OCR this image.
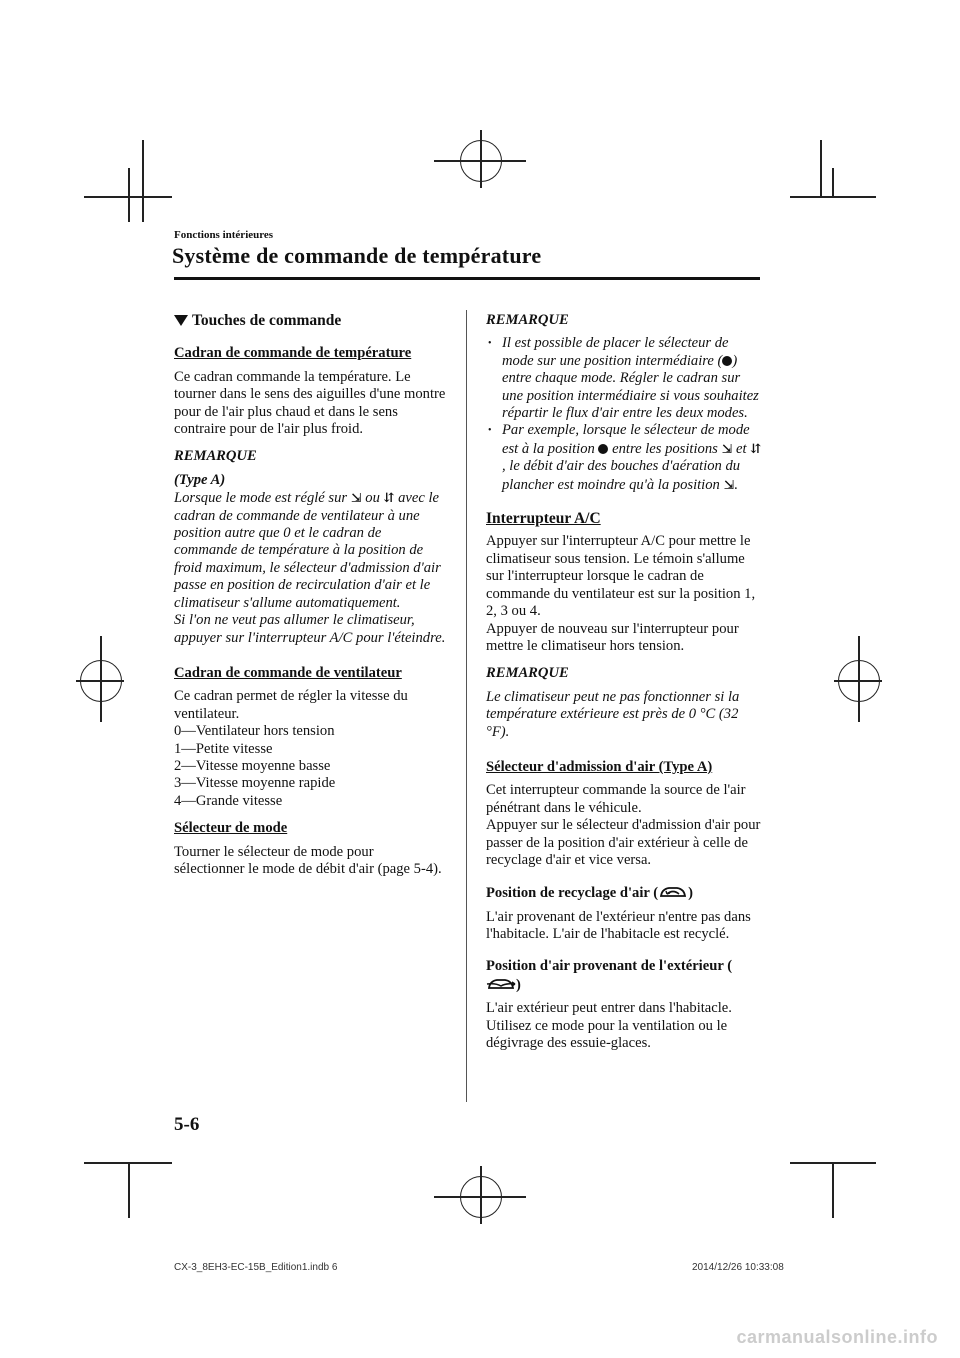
Fonctions intérieures
Système de commande de température
Touches de commande
Cadran de commande de température
Ce cadran commande la température. Le tourner dans le sens des aiguilles d'une montre pour de l'air plus chaud et dans le sens contraire pour de l'air plus froid.
REMARQUE
(Type A)
Lorsque le mode est réglé sur ⇲ ou ⇵ avec le cadran de commande de ventilateur à une position autre que 0 et le cadran de commande de température à la position de froid maximum, le sélecteur d'admission d'air passe en position de recirculation d'air et le climatiseur s'allume automatiquement.
Si l'on ne veut pas allumer le climatiseur, appuyer sur l'interrupteur A/C pour l'éteindre.
Cadran de commande de ventilateur
Ce cadran permet de régler la vitesse du ventilateur.
0—Ventilateur hors tension
1—Petite vitesse
2—Vitesse moyenne basse
3—Vitesse moyenne rapide
4—Grande vitesse
Sélecteur de mode
Tourner le sélecteur de mode pour sélectionner le mode de débit d'air (page 5-4).
REMARQUE
• Il est possible de placer le sélecteur de mode sur une position intermédiaire ( ) entre chaque mode. Régler le cadran sur une position intermédiaire si vous souhaitez répartir le flux d'air entre les deux modes.
• Par exemple, lorsque le sélecteur de mode est à la position  entre les positions ⇲ et ⇵, le débit d'air des bouches d'aération du plancher est moindre qu'à la position ⇲.
Interrupteur A/C
Appuyer sur l'interrupteur A/C pour mettre le climatiseur sous tension. Le témoin s'allume sur l'interrupteur lorsque le cadran de commande du ventilateur est sur la position 1, 2, 3 ou 4.
Appuyer de nouveau sur l'interrupteur pour mettre le climatiseur hors tension.
REMARQUE
Le climatiseur peut ne pas fonctionner si la température extérieure est près de 0 °C (32 °F).
Sélecteur d'admission d'air (Type A)
Cet interrupteur commande la source de l'air pénétrant dans le véhicule.
Appuyer sur le sélecteur d'admission d'air pour passer de la position d'air extérieur à celle de recyclage d'air et vice versa.
Position de recyclage d'air ( )
L'air provenant de l'extérieur n'entre pas dans l'habitacle. L'air de l'habitacle est recyclé.
Position d'air provenant de l'extérieur ()
L'air extérieur peut entrer dans l'habitacle. Utilisez ce mode pour la ventilation ou le dégivrage des essuie-glaces.
5-6
CX-3_8EH3-EC-15B_Edition1.indb 6	2014/12/26 10:33:08
carmanualsonline.info
